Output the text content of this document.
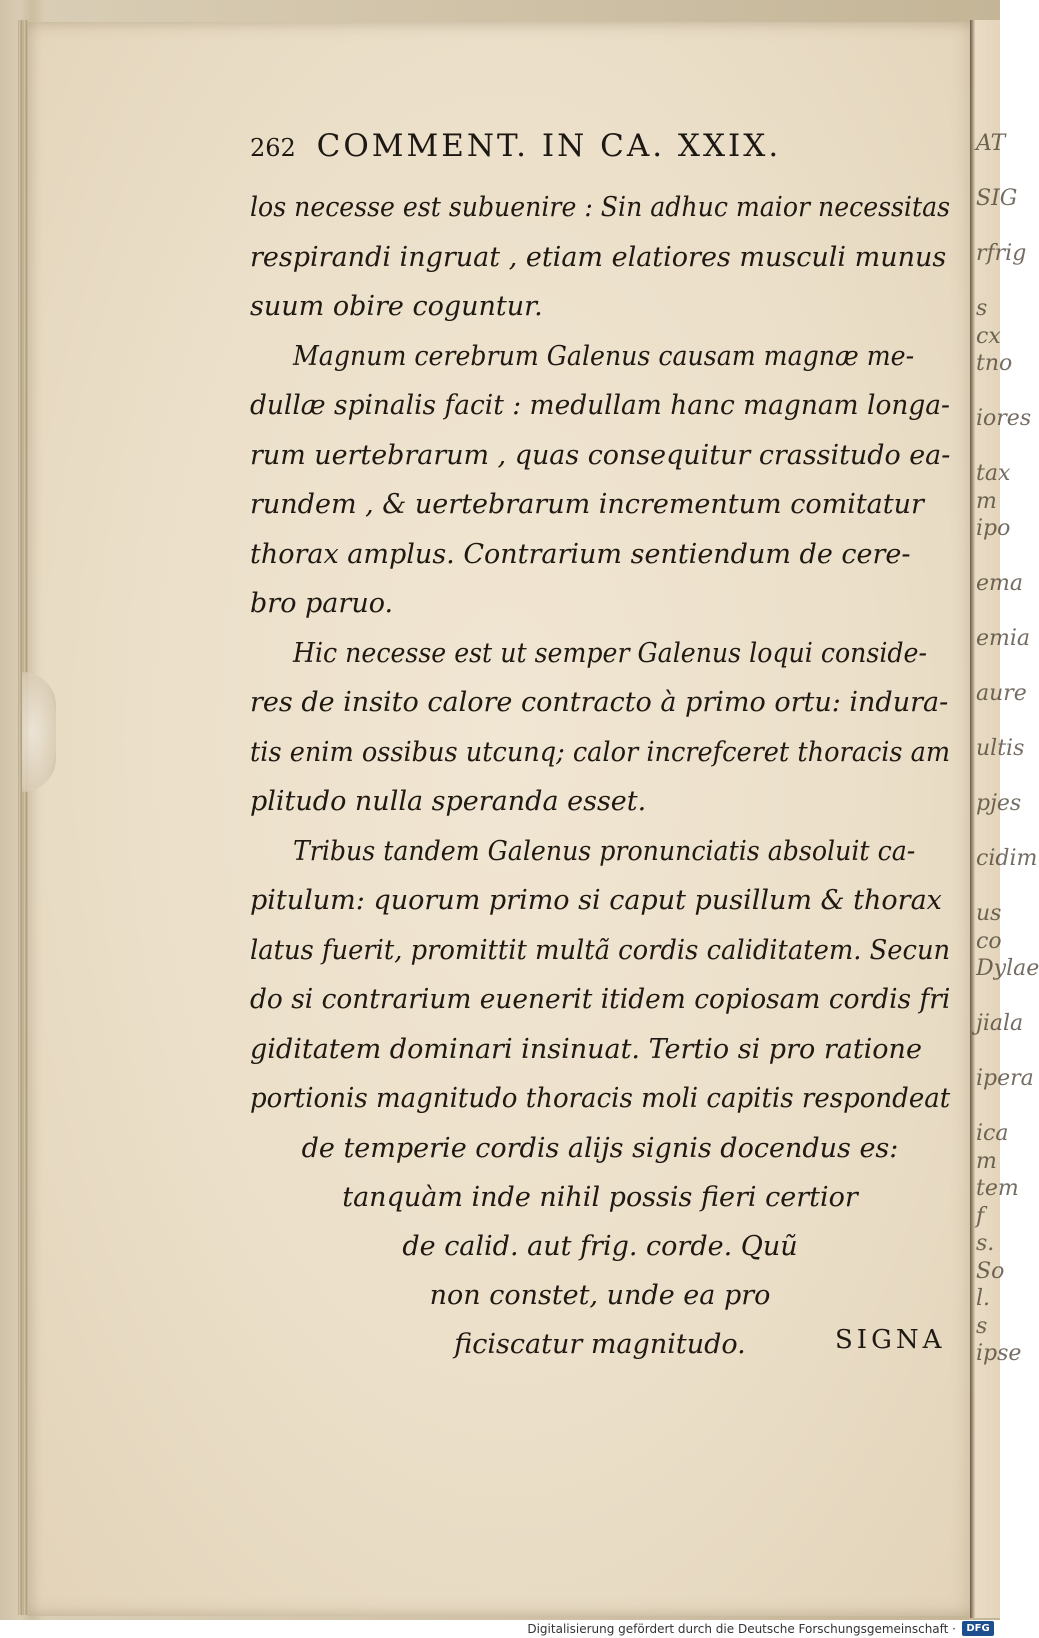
AT
SIG
rfrig
s cx
tno
iores
tax m
ipo
ema
emia
aure
ultis
pjes
cidim
us co
Dylae
jiala
ipera
ica m
tem f
s. So
l. s
ipse
262 COMMENT. IN CA. XXIX.
los necesse est subuenire : Sin adhuc maior necessitas
respirandi ingruat , etiam elatiores musculi munus
suum obire coguntur.
Magnum cerebrum Galenus causam magnæ me-
dullæ spinalis facit : medullam hanc magnam longa-
rum uertebrarum , quas consequitur crassitudo ea-
rundem , & uertebrarum incrementum comitatur
thorax amplus. Contrarium sentiendum de cere-
bro paruo.
Hic necesse est ut semper Galenus loqui conside-
res de insito calore contracto à primo ortu: indura-
tis enim ossibus utcunq; calor increfceret thoracis am
plitudo nulla speranda esset.
Tribus tandem Galenus pronunciatis absoluit ca-
pitulum: quorum primo si caput pusillum & thorax
latus fuerit, promittit multã cordis caliditatem. Secun
do si contrarium euenerit itidem copiosam cordis fri
giditatem dominari insinuat. Tertio si pro ratione
portionis magnitudo thoracis moli capitis respondeat
de temperie cordis alijs signis docendus es:
tanquàm inde nihil possis fieri certior
de calid. aut frig. corde. Quũ
non constet, unde ea pro
ficiscatur magnitudo.	SIGNA
Digitalisierung gefördert durch die Deutsche Forschungsgemeinschaft ·	DFG
